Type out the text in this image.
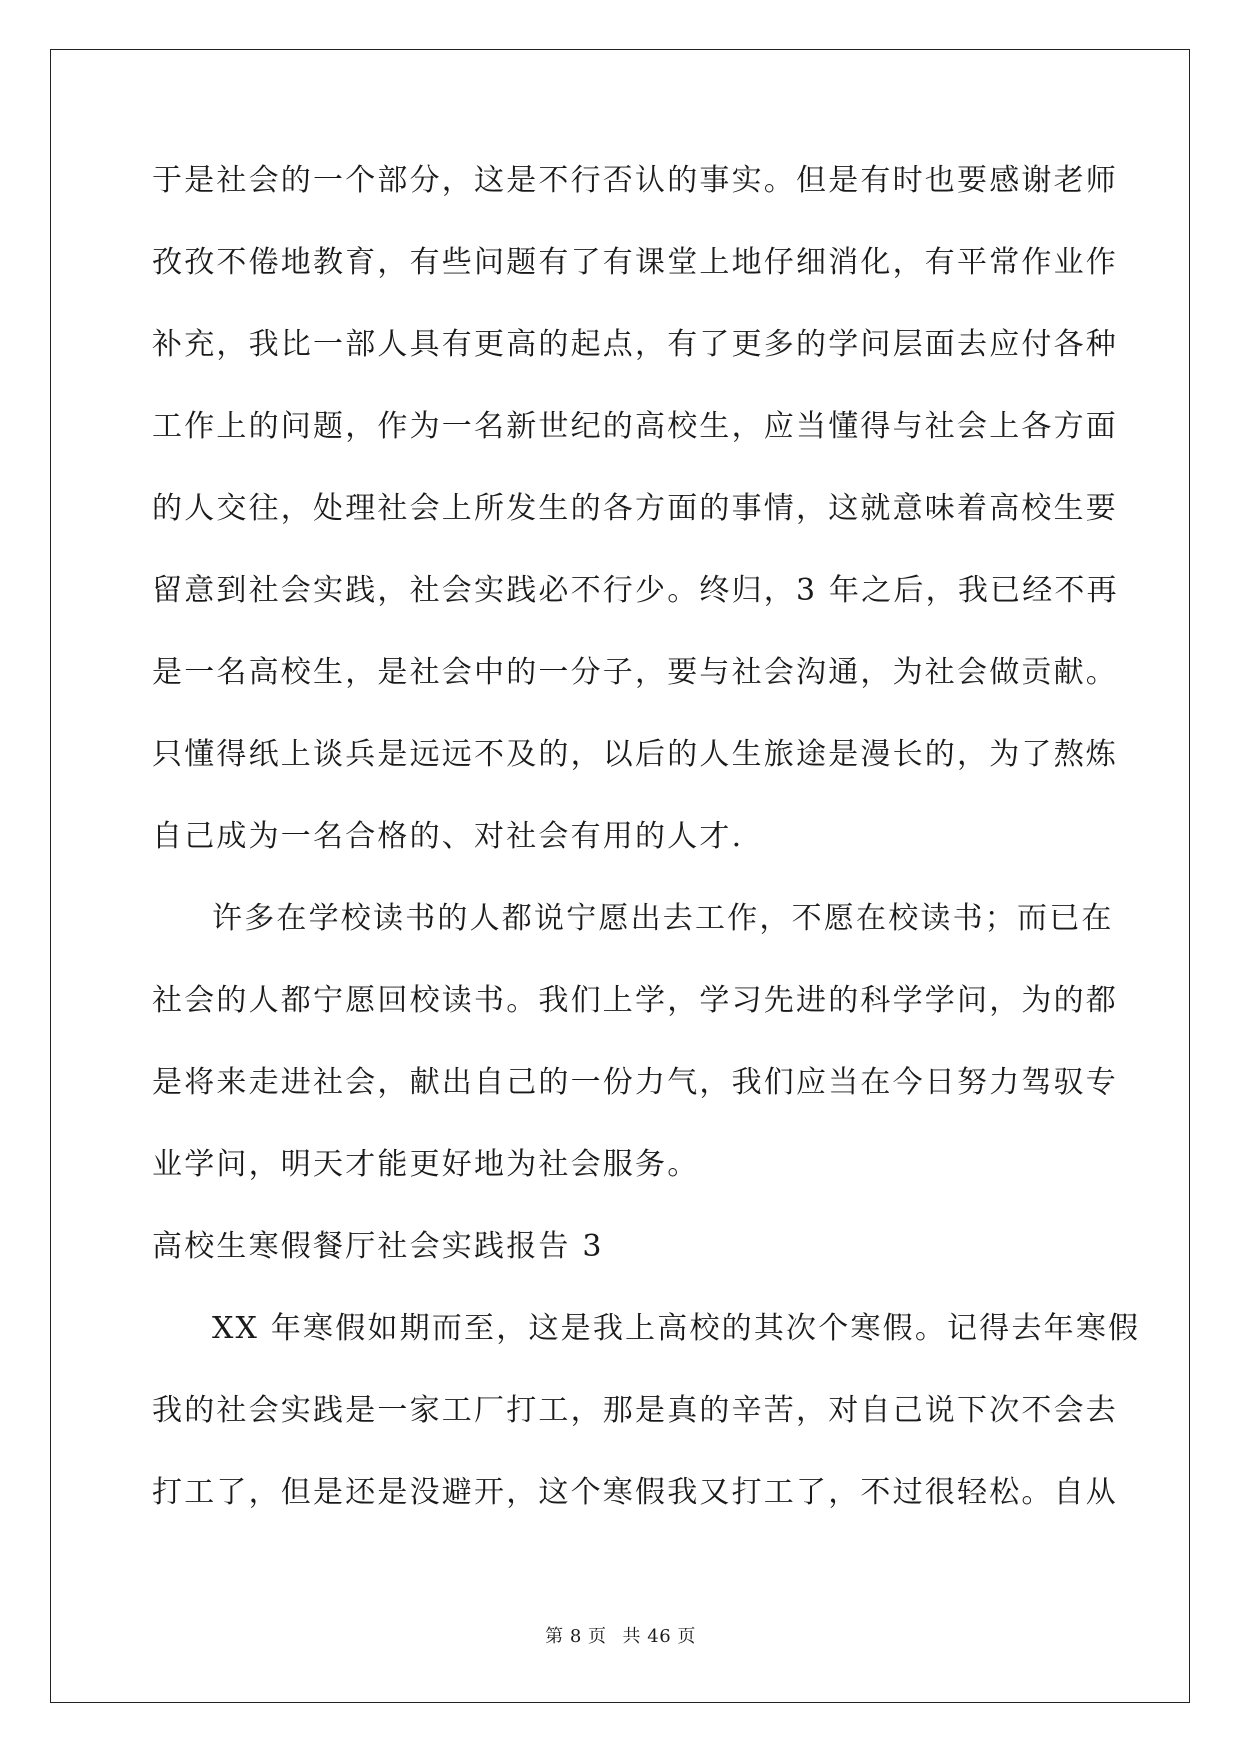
于是社会的一个部分，这是不行否认的事实。但是有时也要感谢老师
孜孜不倦地教育，有些问题有了有课堂上地仔细消化，有平常作业作
补充，我比一部人具有更高的起点，有了更多的学问层面去应付各种
工作上的问题，作为一名新世纪的高校生，应当懂得与社会上各方面
的人交往，处理社会上所发生的各方面的事情，这就意味着高校生要
留意到社会实践，社会实践必不行少。终归，3 年之后，我已经不再
是一名高校生，是社会中的一分子，要与社会沟通，为社会做贡献。
只懂得纸上谈兵是远远不及的，以后的人生旅途是漫长的，为了熬炼
自己成为一名合格的、对社会有用的人才.
许多在学校读书的人都说宁愿出去工作，不愿在校读书；而已在
社会的人都宁愿回校读书。我们上学，学习先进的科学学问，为的都
是将来走进社会，献出自己的一份力气，我们应当在今日努力驾驭专
业学问，明天才能更好地为社会服务。
高校生寒假餐厅社会实践报告 3
XX 年寒假如期而至，这是我上高校的其次个寒假。记得去年寒假
我的社会实践是一家工厂打工，那是真的辛苦，对自己说下次不会去
打工了，但是还是没避开，这个寒假我又打工了，不过很轻松。自从
第 8 页 共 46 页
